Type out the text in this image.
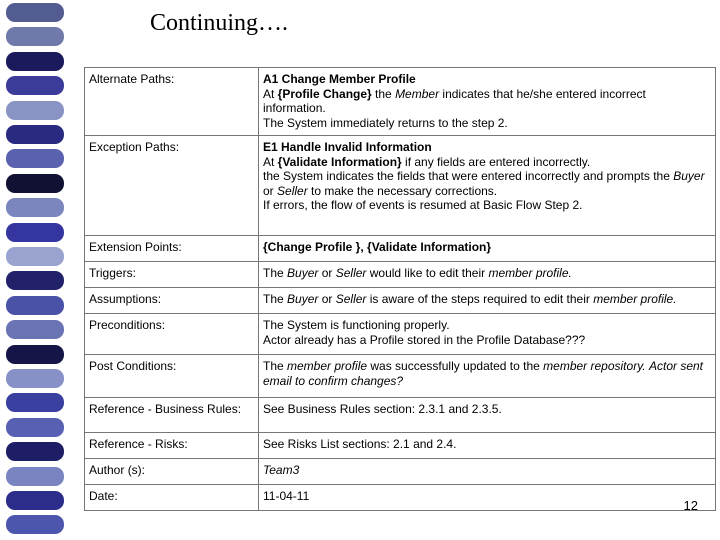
Continuing….
Alternate Paths:	A1 Change Member Profile
At {Profile Change} the Member indicates that he/she entered incorrect information.
The System immediately returns to the step 2.

Exception Paths:	E1 Handle Invalid Information
At {Validate Information} if any fields are entered incorrectly.
the System indicates the fields that were entered incorrectly and prompts the Buyer
or Seller to make the necessary corrections.
If errors, the flow of events is resumed at Basic Flow Step 2.

Extension Points:	{Change Profile }, {Validate Information}

Triggers:	The Buyer or Seller would like to edit their member profile.

Assumptions:	The Buyer or Seller is aware of the steps required to edit their member profile.

Preconditions:	The System is functioning properly.
Actor already has a Profile stored in the Profile Database???

Post Conditions:	The member profile was successfully updated to the member repository. Actor sent
email to confirm changes?

Reference - Business Rules:	See Business Rules section: 2.3.1 and 2.3.5.

Reference - Risks:	See Risks List sections: 2.1 and 2.4.

Author (s):	Team3

Date:	11-04-11
12
